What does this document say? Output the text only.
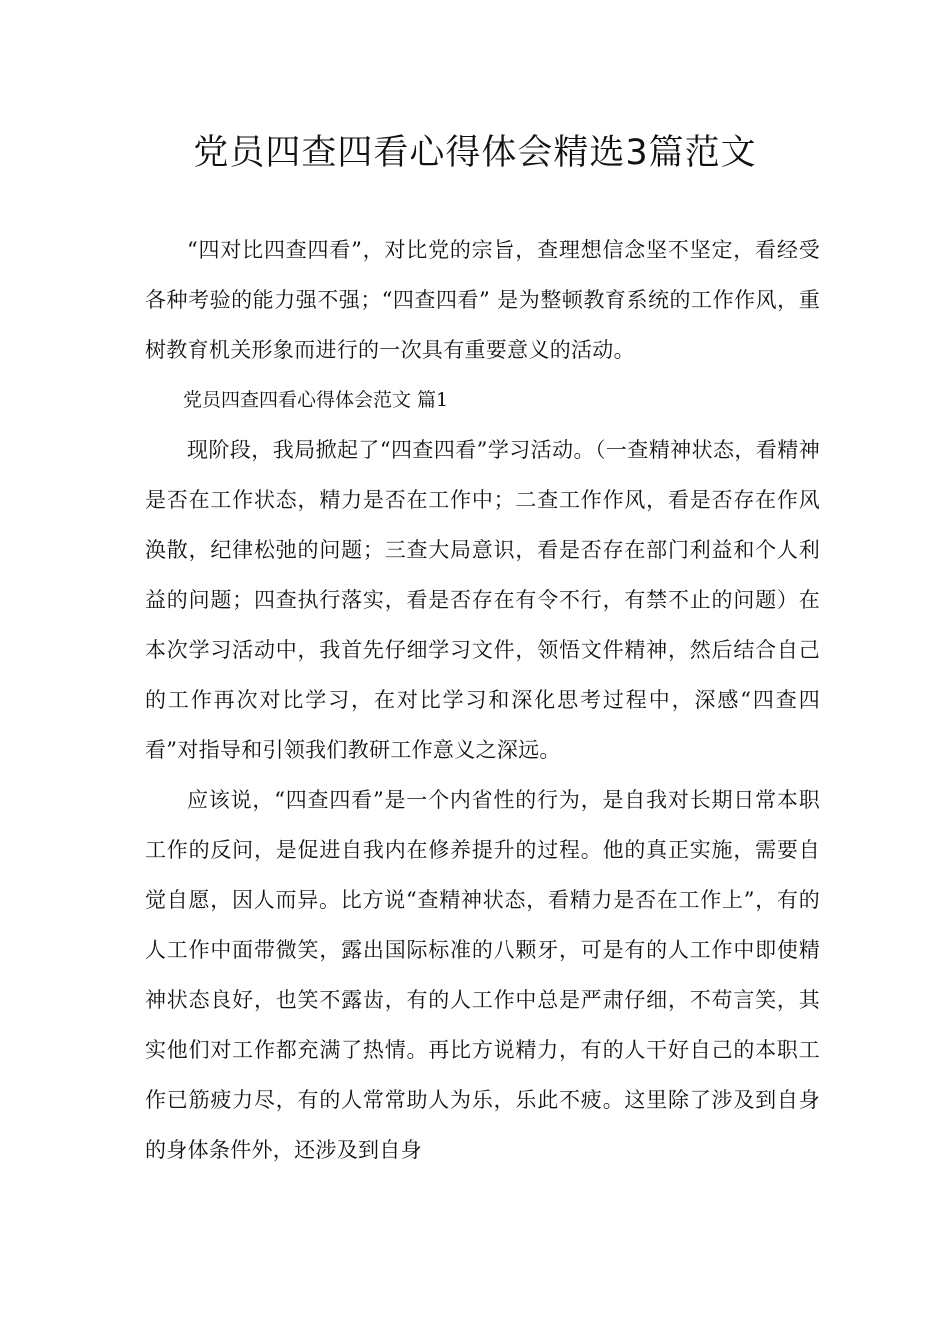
党员四查四看心得体会精选3篇范文

“四对比四查四看”，对比党的宗旨，查理想信念坚不坚定，看经受各种考验的能力强不强；“四查四看” 是为整顿教育系统的工作作风，重树教育机关形象而进行的一次具有重要意义的活动。

党员四查四看心得体会范文 篇1

现阶段，我局掀起了“四查四看”学习活动。（一查精神状态，看精神是否在工作状态，精力是否在工作中；二查工作作风，看是否存在作风涣散，纪律松弛的问题；三查大局意识，看是否存在部门利益和个人利益的问题；四查执行落实，看是否存在有令不行，有禁不止的问题）在本次学习活动中，我首先仔细学习文件，领悟文件精神，然后结合自己的工作再次对比学习，在对比学习和深化思考过程中，深感“四查四看”对指导和引领我们教研工作意义之深远。

应该说，“四查四看”是一个内省性的行为，是自我对长期日常本职工作的反问，是促进自我内在修养提升的过程。他的真正实施，需要自觉自愿，因人而异。比方说“查精神状态，看精力是否在工作上”，有的人工作中面带微笑，露出国际标准的八颗牙，可是有的人工作中即使精神状态良好，也笑不露齿，有的人工作中总是严肃仔细，不苟言笑，其实他们对工作都充满了热情。再比方说精力，有的人干好自己的本职工作已筋疲力尽，有的人常常助人为乐，乐此不疲。这里除了涉及到自身的身体条件外，还涉及到自身
